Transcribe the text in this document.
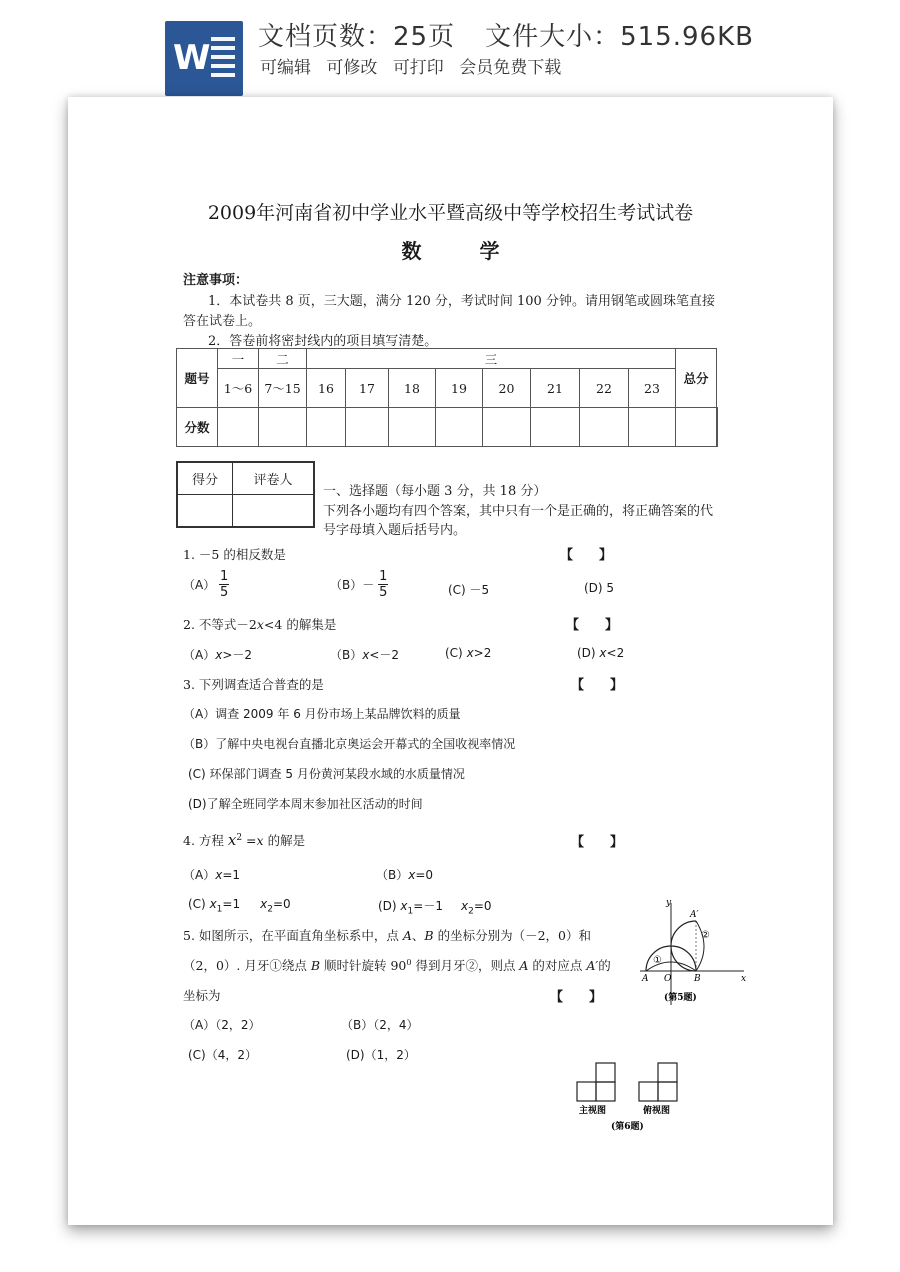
W
文档页数：25页 文件大小：515.96KB
可编辑 可修改 可打印 会员免费下载
2009年河南省初中学业水平暨高级中等学校招生考试试卷
数	学
注意事项：
1．本试卷共 8 页，三大题，满分 120 分，考试时间 100 分钟。请用钢笔或圆珠笔直接
答在试卷上。
2．答卷前将密封线内的项目填写清楚。
题号	一	二	三								总分	
	1～6	7～15	16	17	18	19	20	21	22	23		
分数												
得分	评卷人

一、选择题（每小题 3 分，共 18 分）
下列各小题均有四个答案，其中只有一个是正确的，将正确答案的代
号字母填入题后括号内。
1. －5 的相反数是	【　　】
$(A) \frac{1}{5}$	$(B)- \frac{1}{5}$	(C) －5	(D) 5
2. 不等式－2x<4 的解集是	【　　】
（A）x>－2	（B）x<－2	(C) x>2	(D) x<2
3. 下列调查适合普查的是	【　　】
（A）调查 2009 年 6 月份市场上某品牌饮料的质量
（B）了解中央电视台直播北京奥运会开幕式的全国收视率情况
(C) 环保部门调查 5 月份黄河某段水域的水质量情况
(D)了解全班同学本周末参加社区活动的时间
4. 方程 $x^2 =x$ 的解是	【　　】
（A）x=1	（B）x=0
(C) $x_1=1$ $x_2=0$	(D) $x_1=-1$ $x_2=0$
5. 如图所示，在平面直角坐标系中，点 A、B 的坐标分别为（－2，0）和
（2，0）. 月牙①绕点 B 顺时针旋转 $90^0$ 得到月牙②，则点 A 的对应点 A′的
坐标为	【　　】
（A）（2，2）	（B）（2，4）
(C)（4，2）	(D)（1，2）
y
x
A O	B
A′
①
②
(第5题)
主视图	俯视图
(第6题)
